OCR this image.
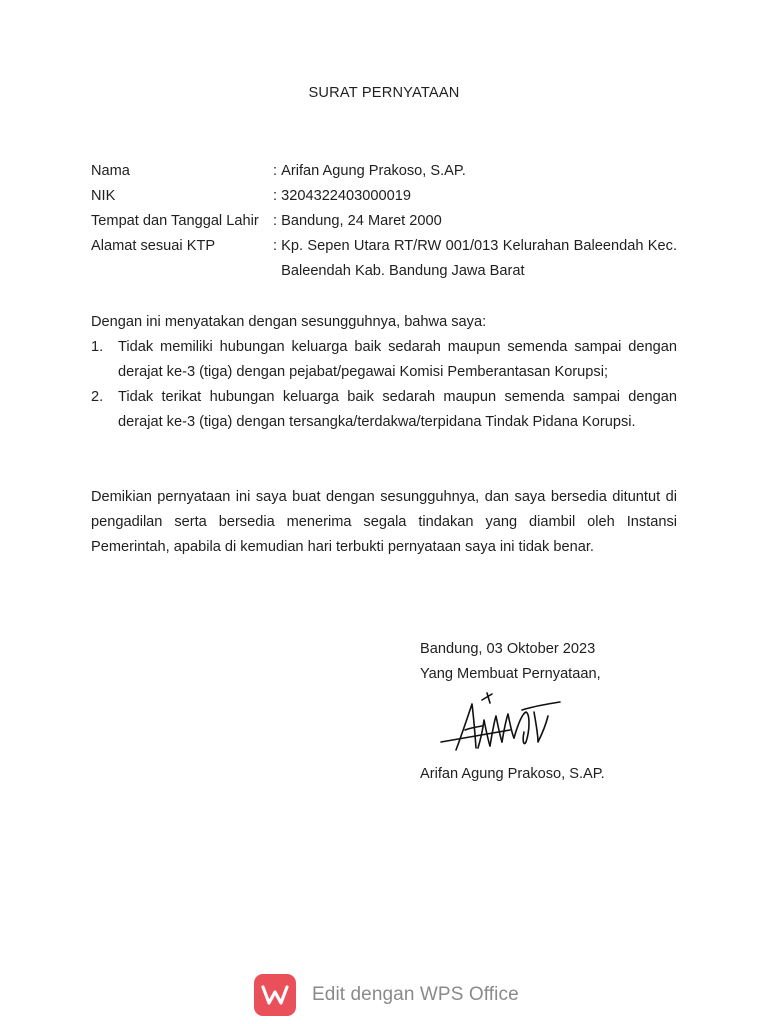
SURAT PERNYATAAN
Nama	: Arifan Agung Prakoso, S.AP.
NIK	: 3204322403000019
Tempat dan Tanggal Lahir : Bandung, 24 Maret 2000
Alamat sesuai KTP	: Kp. Sepen Utara RT/RW 001/013 Kelurahan Baleendah Kec. Baleendah Kab. Bandung Jawa Barat
Dengan ini menyatakan dengan sesungguhnya, bahwa saya:
1.	Tidak memiliki hubungan keluarga baik sedarah maupun semenda sampai dengan derajat ke-3 (tiga) dengan pejabat/pegawai Komisi Pemberantasan Korupsi;
2.	Tidak terikat hubungan keluarga baik sedarah maupun semenda sampai dengan derajat ke-3 (tiga) dengan tersangka/terdakwa/terpidana Tindak Pidana Korupsi.
Demikian pernyataan ini saya buat dengan sesungguhnya, dan saya bersedia dituntut di pengadilan serta bersedia menerima segala tindakan yang diambil oleh Instansi Pemerintah, apabila di kemudian hari terbukti pernyataan saya ini tidak benar.
Bandung, 03 Oktober 2023
Yang Membuat Pernyataan,
Arifan Agung Prakoso, S.AP.
Edit dengan WPS Office
